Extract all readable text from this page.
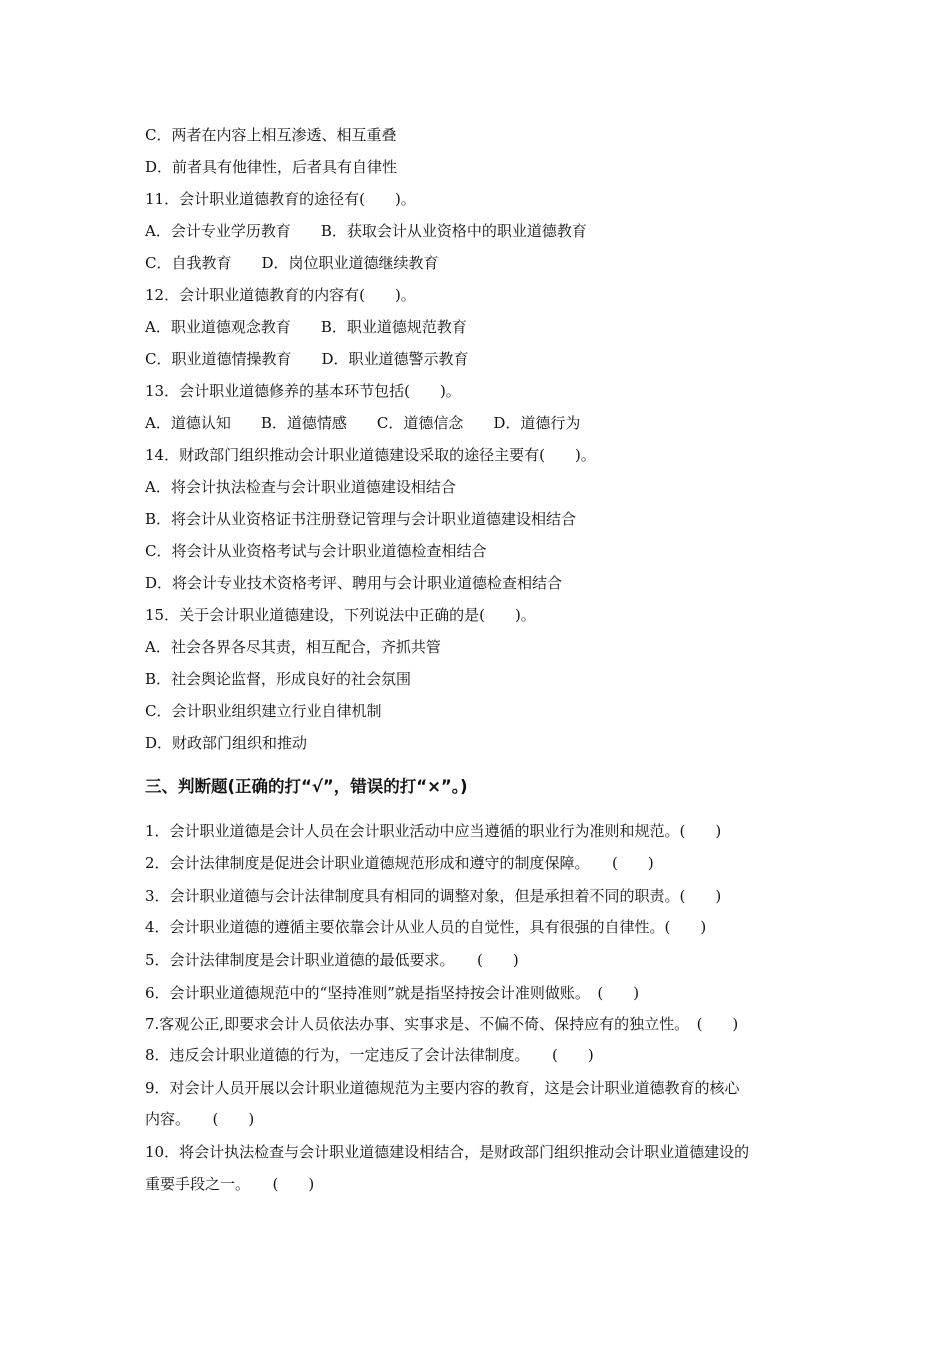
C．两者在内容上相互渗透、相互重叠
D．前者具有他律性，后者具有自律性
11．会计职业道德教育的途径有(　　)。
A．会计专业学历教育　　B．获取会计从业资格中的职业道德教育
C．自我教育　　D．岗位职业道德继续教育
12．会计职业道德教育的内容有(　　)。
A．职业道德观念教育　　B．职业道德规范教育
C．职业道德情操教育　　D．职业道德警示教育
13．会计职业道德修养的基本环节包括(　　)。
A．道德认知　　B．道德情感　　C．道德信念　　D．道德行为
14．财政部门组织推动会计职业道德建设采取的途径主要有(　　)。
A．将会计执法检查与会计职业道德建设相结合
B．将会计从业资格证书注册登记管理与会计职业道德建设相结合
C．将会计从业资格考试与会计职业道德检查相结合
D．将会计专业技术资格考评、聘用与会计职业道德检查相结合
15．关于会计职业道德建设，下列说法中正确的是(　　)。
A．社会各界各尽其责，相互配合，齐抓共管
B．社会舆论监督，形成良好的社会氛围
C．会计职业组织建立行业自律机制
D．财政部门组织和推动
三、判断题(正确的打“√”，错误的打“×”。)
1．会计职业道德是会计人员在会计职业活动中应当遵循的职业行为准则和规范。(　　)
2．会计法律制度是促进会计职业道德规范形成和遵守的制度保障。　　(　　)
3．会计职业道德与会计法律制度具有相同的调整对象，但是承担着不同的职责。(　　)
4．会计职业道德的遵循主要依靠会计从业人员的自觉性，具有很强的自律性。(　　)
5．会计法律制度是会计职业道德的最低要求。　　(　　)
6．会计职业道德规范中的“坚持准则”就是指坚持按会计准则做账。　(　　)
7.客观公正,即要求会计人员依法办事、实事求是、不偏不倚、保持应有的独立性。　(　　)
8．违反会计职业道德的行为，一定违反了会计法律制度。　　(　　)
9．对会计人员开展以会计职业道德规范为主要内容的教育，这是会计职业道德教育的核心
内容。　　(　　)
10．将会计执法检查与会计职业道德建设相结合，是财政部门组织推动会计职业道德建设的
重要手段之一。　　(　　)
